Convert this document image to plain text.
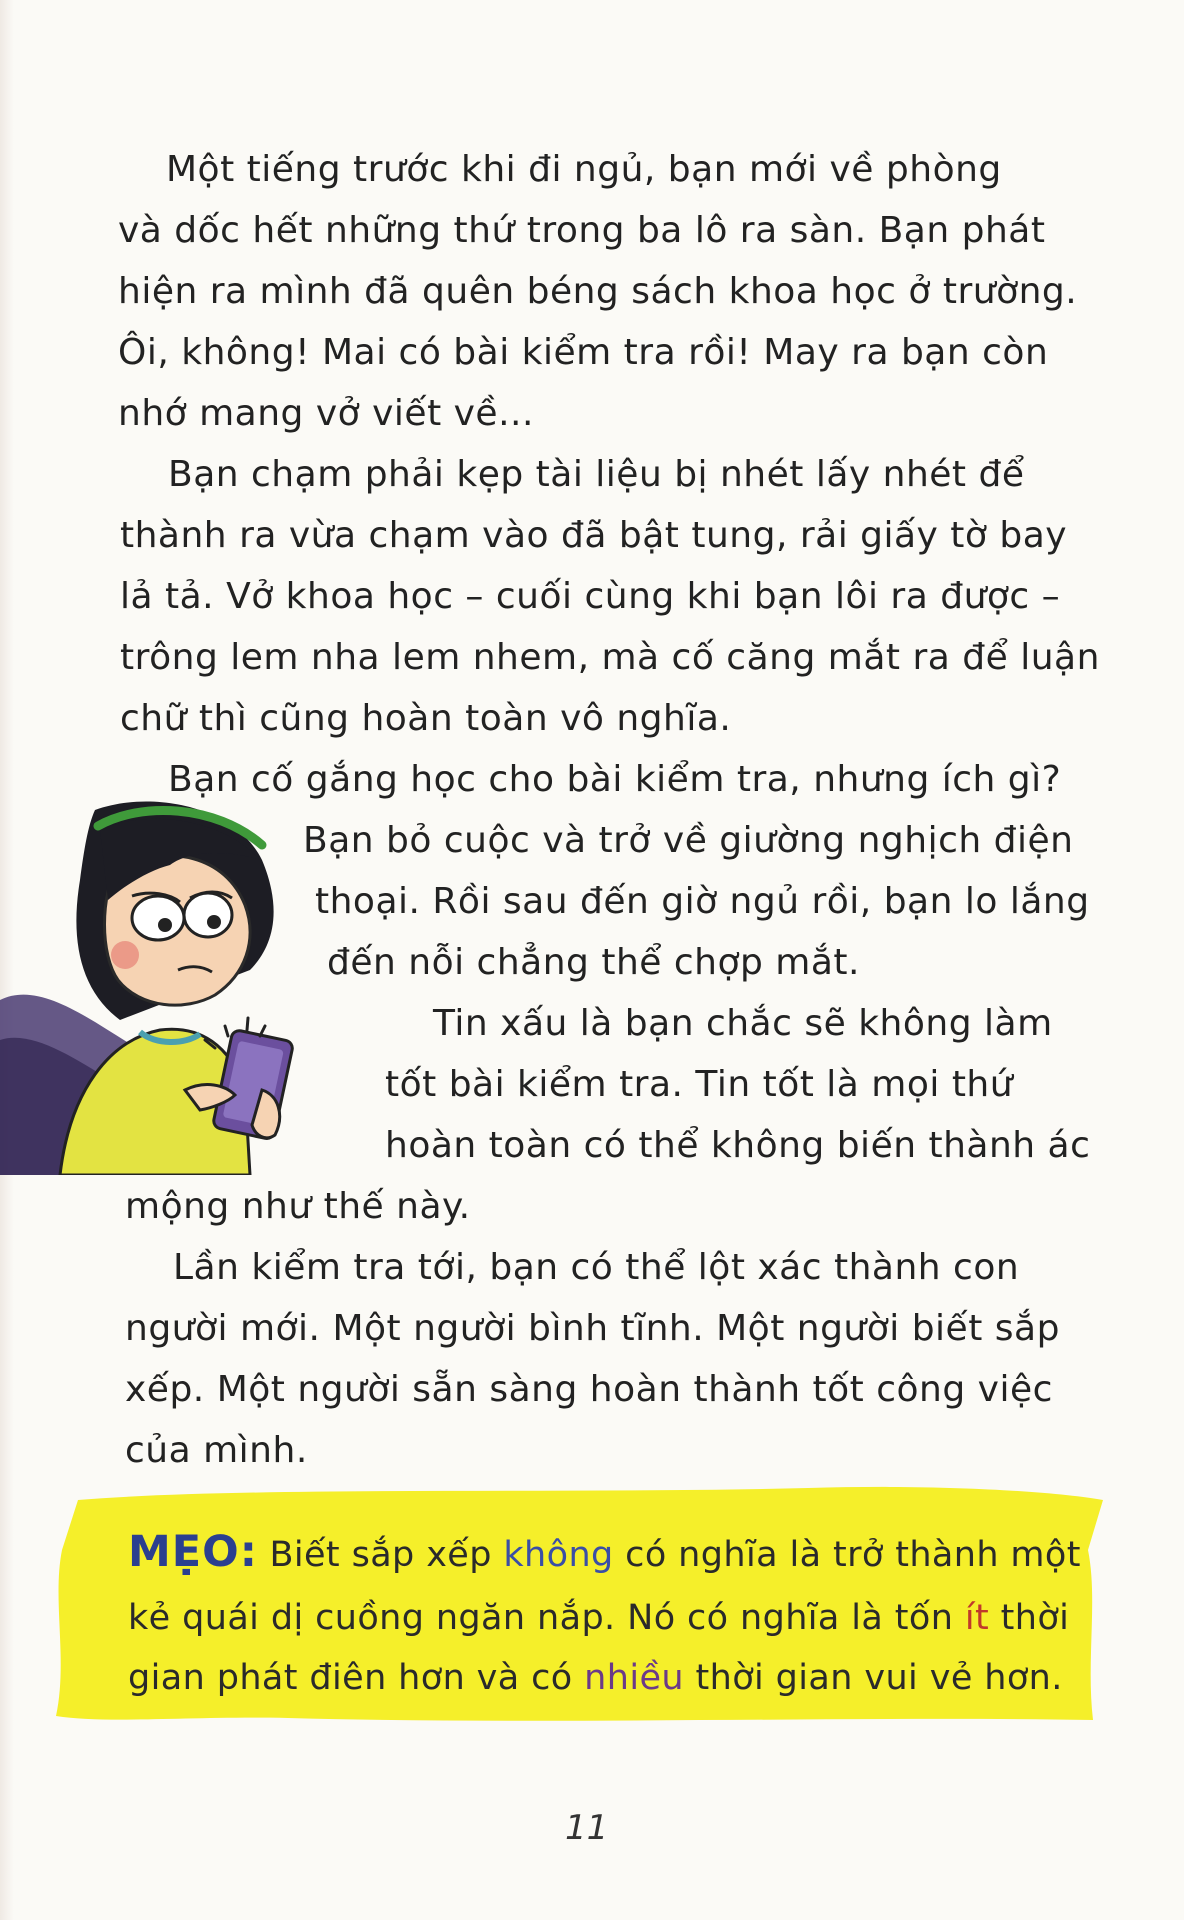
Một tiếng trước khi đi ngủ, bạn mới về phòng
và dốc hết những thứ trong ba lô ra sàn. Bạn phát
hiện ra mình đã quên béng sách khoa học ở trường.
Ôi, không! Mai có bài kiểm tra rồi! May ra bạn còn
nhớ mang vở viết về...
Bạn chạm phải kẹp tài liệu bị nhét lấy nhét để
thành ra vừa chạm vào đã bật tung, rải giấy tờ bay
lả tả. Vở khoa học – cuối cùng khi bạn lôi ra được –
trông lem nha lem nhem, mà cố căng mắt ra để luận
chữ thì cũng hoàn toàn vô nghĩa.
Bạn cố gắng học cho bài kiểm tra, nhưng ích gì?
Bạn bỏ cuộc và trở về giường nghịch điện
thoại. Rồi sau đến giờ ngủ rồi, bạn lo lắng
đến nỗi chẳng thể chợp mắt.
Tin xấu là bạn chắc sẽ không làm
tốt bài kiểm tra. Tin tốt là mọi thứ
hoàn toàn có thể không biến thành ác
mộng như thế này.
Lần kiểm tra tới, bạn có thể lột xác thành con
người mới. Một người bình tĩnh. Một người biết sắp
xếp. Một người sẵn sàng hoàn thành tốt công việc
của mình.
MẸO: Biết sắp xếp không có nghĩa là trở thành một
kẻ quái dị cuồng ngăn nắp. Nó có nghĩa là tốn ít thời
gian phát điên hơn và có nhiều thời gian vui vẻ hơn.
11
